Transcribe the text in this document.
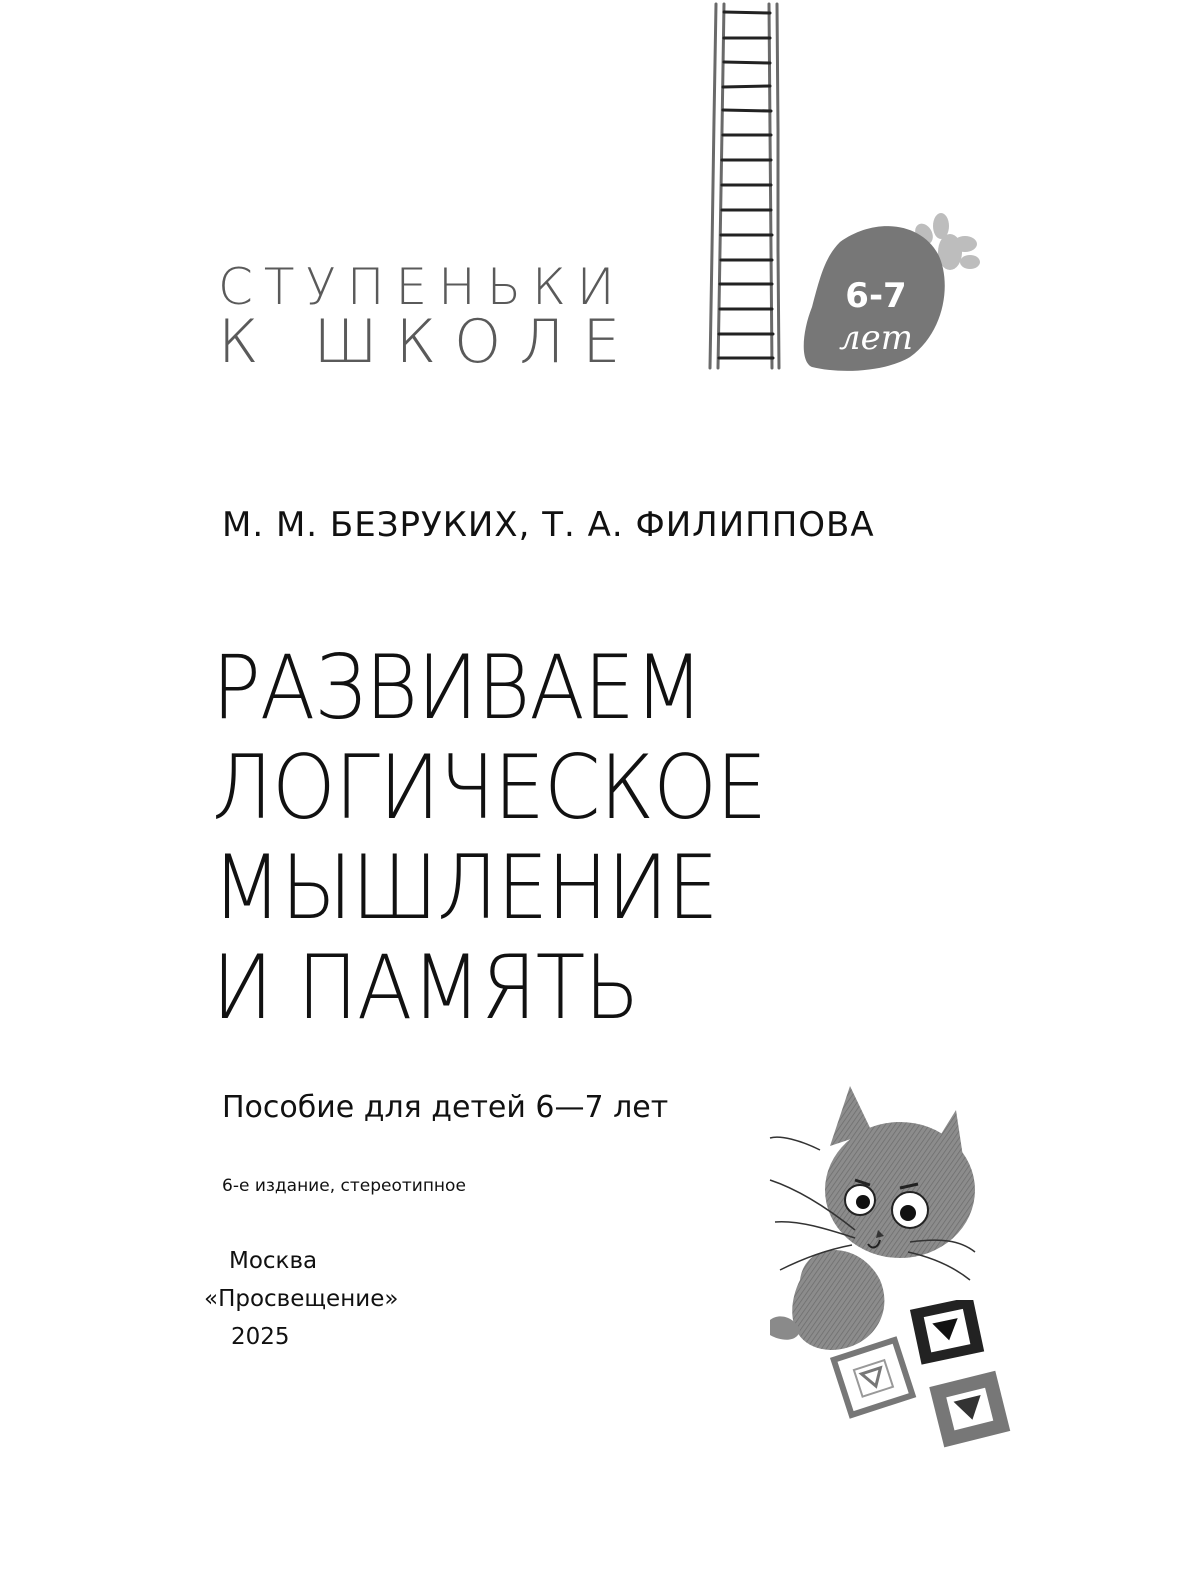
СТУПЕНЬКИ
К ШКОЛЕ
6-7
лет
М. М. БЕЗРУКИХ, Т. А. ФИЛИППОВА
РАЗВИВАЕМ
ЛОГИЧЕСКОЕ
МЫШЛЕНИЕ
И ПАМЯТЬ
Пособие для детей 6—7 лет
6-е издание, стереотипное
Москва
«Просвещение»
2025
